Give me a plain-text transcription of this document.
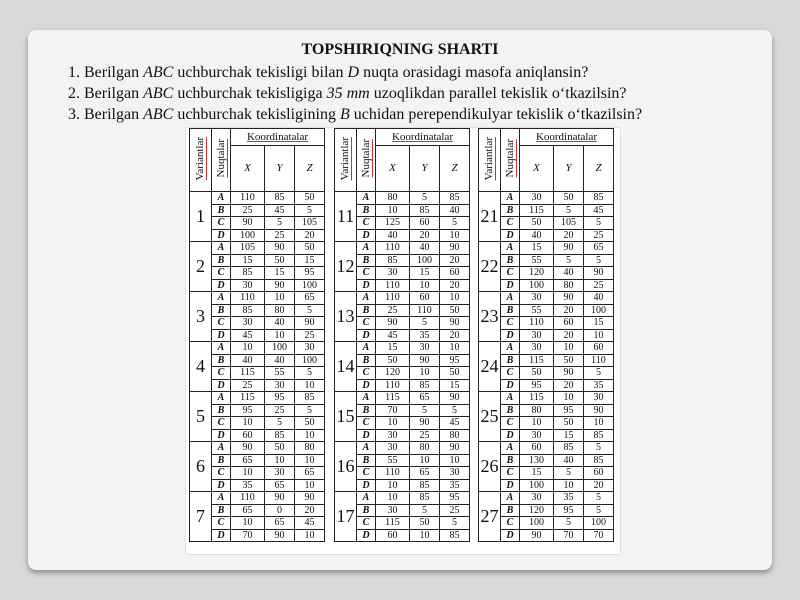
TOPSHIRIQNING SHARTI
1. Berilgan ABC uchburchak tekisligi bilan D nuqta orasidagi masofa aniqlansin?
2. Berilgan ABC uchburchak tekisligiga 35 mm uzoqlikdan parallel tekislik oʻtkazilsin?
3. Berilgan ABC uchburchak tekisligining B uchidan perependikulyar tekislik oʻtkazilsin?
Variantlar	Nuqtalar	Koordinatalar		
		X	Y	Z
1	A	110	85	50
	B	25	45	5
	C	90	5	105
	D	100	25	20
2	A	105	90	50
	B	15	50	15
	C	85	15	95
	D	30	90	100
3	A	110	10	65
	B	85	80	5
	C	30	40	90
	D	45	10	25
4	A	10	100	30
	B	40	40	100
	C	115	55	5
	D	25	30	10
5	A	115	95	85
	B	95	25	5
	C	10	5	50
	D	60	85	10
6	A	90	50	80
	B	65	10	10
	C	10	30	65
	D	35	65	10
7	A	110	90	90
	B	65	0	20
	C	10	65	45
	D	70	90	10
Variantlar	Nuqtalar	Koordinatalar		
		X	Y	Z
11	A	80	5	85
	B	10	85	40
	C	125	60	5
	D	40	20	10
12	A	110	40	90
	B	85	100	20
	C	30	15	60
	D	110	10	20
13	A	110	60	10
	B	25	110	50
	C	90	5	90
	D	45	35	20
14	A	15	30	10
	B	50	90	95
	C	120	10	50
	D	110	85	15
15	A	115	65	90
	B	70	5	5
	C	10	90	45
	D	30	25	80
16	A	30	80	90
	B	55	10	10
	C	110	65	30
	D	10	85	35
17	A	10	85	95
	B	30	5	25
	C	115	50	5
	D	60	10	85
Variantlar	Nuqtalar	Koordinatalar		
		X	Y	Z
21	A	30	50	85
	B	115	5	45
	C	50	105	5
	D	40	20	25
22	A	15	90	65
	B	55	5	5
	C	120	40	90
	D	100	80	25
23	A	30	90	40
	B	55	20	100
	C	110	60	15
	D	30	20	10
24	A	30	10	60
	B	115	50	110
	C	50	90	5
	D	95	20	35
25	A	115	10	30
	B	80	95	90
	C	10	50	10
	D	30	15	85
26	A	60	85	5
	B	130	40	85
	C	15	5	60
	D	100	10	20
27	A	30	35	5
	B	120	95	5
	C	100	5	100
	D	90	70	70
